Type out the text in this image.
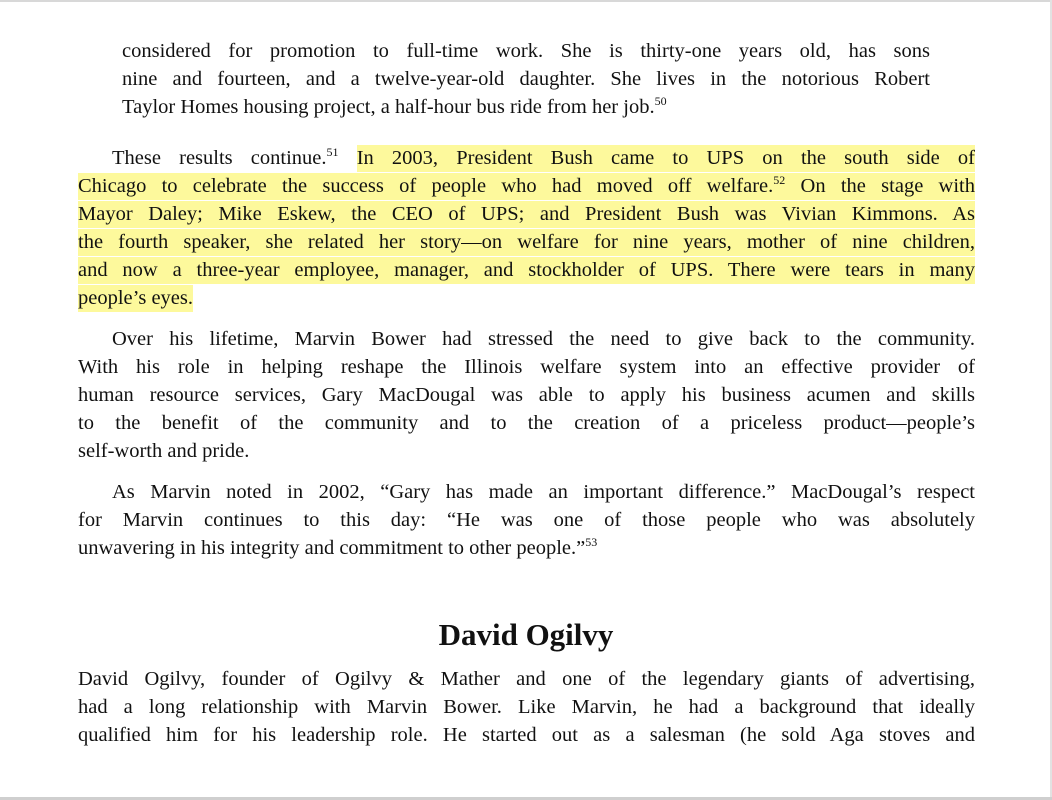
considered for promotion to full-time work. She is thirty-one years old, has sons
nine and fourteen, and a twelve-year-old daughter. She lives in the notorious Robert
Taylor Homes housing project, a half-hour bus ride from her job.$^{50}$
These results continue.$^{51}$ In 2003, President Bush came to UPS on the south side of
Chicago to celebrate the success of people who had moved off welfare.$^{52}$ On the stage with
Mayor Daley; Mike Eskew, the CEO of UPS; and President Bush was Vivian Kimmons. As
the fourth speaker, she related her story—on welfare for nine years, mother of nine children,
and now a three-year employee, manager, and stockholder of UPS. There were tears in many
people’s eyes.
Over his lifetime, Marvin Bower had stressed the need to give back to the community.
With his role in helping reshape the Illinois welfare system into an effective provider of
human resource services, Gary MacDougal was able to apply his business acumen and skills
to the benefit of the community and to the creation of a priceless product—people’s
self-worth and pride.
As Marvin noted in 2002, “Gary has made an important difference.” MacDougal’s respect
for Marvin continues to this day: “He was one of those people who was absolutely
unwavering in his integrity and commitment to other people.”$^{53}$
David Ogilvy
David Ogilvy, founder of Ogilvy & Mather and one of the legendary giants of advertising,
had a long relationship with Marvin Bower. Like Marvin, he had a background that ideally
qualified him for his leadership role. He started out as a salesman (he sold Aga stoves and
